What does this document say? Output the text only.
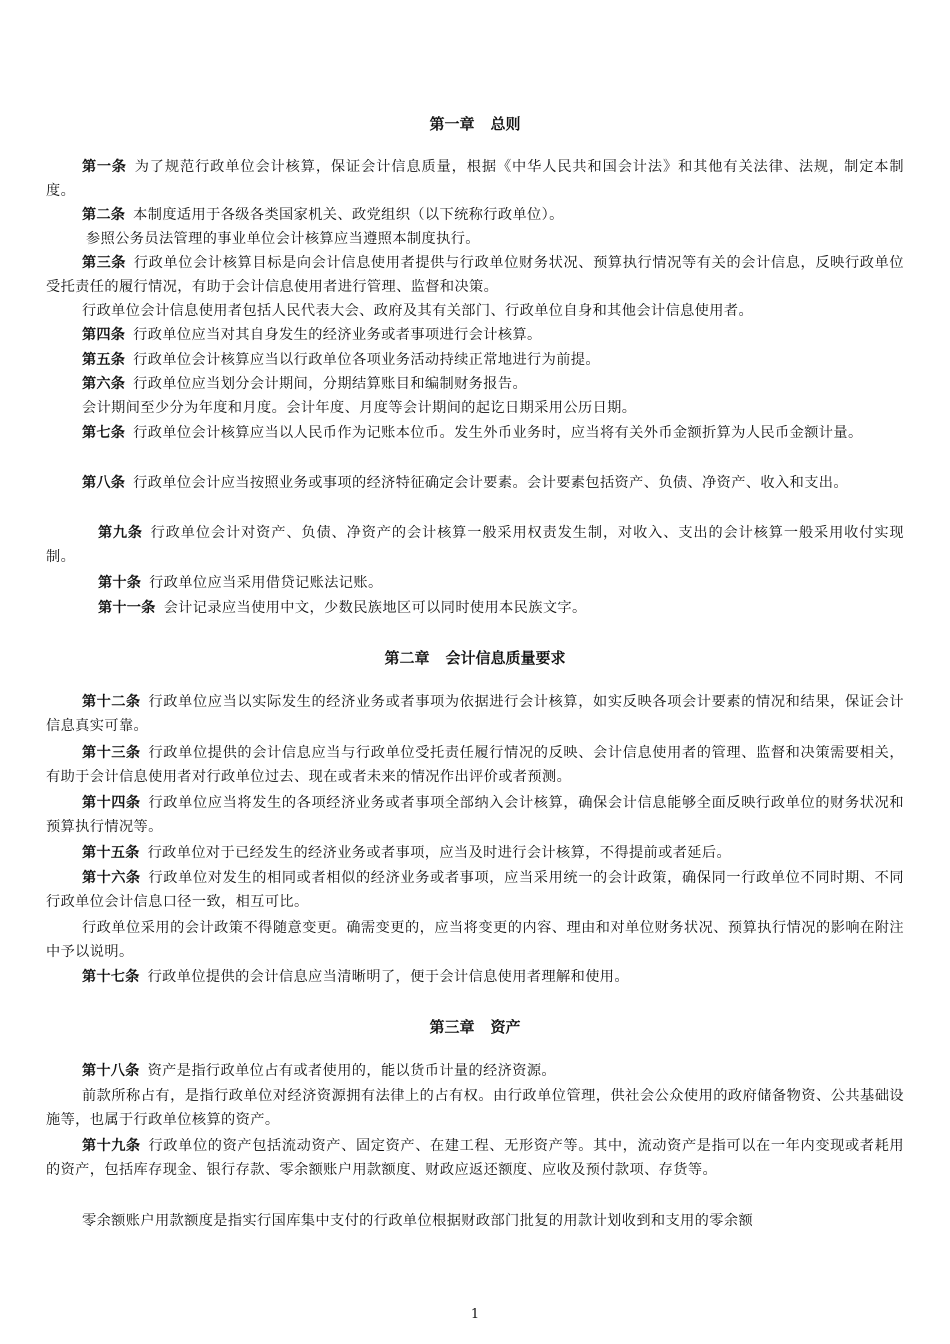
第一章 总则
第一条 为了规范行政单位会计核算，保证会计信息质量，根据《中华人民共和国会计法》和其他有关法律、法规，制定本制度。
第二条 本制度适用于各级各类国家机关、政党组织（以下统称行政单位）。
参照公务员法管理的事业单位会计核算应当遵照本制度执行。
第三条 行政单位会计核算目标是向会计信息使用者提供与行政单位财务状况、预算执行情况等有关的会计信息，反映行政单位受托责任的履行情况，有助于会计信息使用者进行管理、监督和决策。
行政单位会计信息使用者包括人民代表大会、政府及其有关部门、行政单位自身和其他会计信息使用者。
第四条 行政单位应当对其自身发生的经济业务或者事项进行会计核算。
第五条 行政单位会计核算应当以行政单位各项业务活动持续正常地进行为前提。
第六条 行政单位应当划分会计期间，分期结算账目和编制财务报告。
会计期间至少分为年度和月度。会计年度、月度等会计期间的起讫日期采用公历日期。
第七条 行政单位会计核算应当以人民币作为记账本位币。发生外币业务时，应当将有关外币金额折算为人民币金额计量。
第八条 行政单位会计应当按照业务或事项的经济特征确定会计要素。会计要素包括资产、负债、净资产、收入和支出。
第九条 行政单位会计对资产、负债、净资产的会计核算一般采用权责发生制，对收入、支出的会计核算一般采用收付实现制。
第十条 行政单位应当采用借贷记账法记账。
第十一条 会计记录应当使用中文，少数民族地区可以同时使用本民族文字。
第二章 会计信息质量要求
第十二条 行政单位应当以实际发生的经济业务或者事项为依据进行会计核算，如实反映各项会计要素的情况和结果，保证会计信息真实可靠。
第十三条 行政单位提供的会计信息应当与行政单位受托责任履行情况的反映、会计信息使用者的管理、监督和决策需要相关，有助于会计信息使用者对行政单位过去、现在或者未来的情况作出评价或者预测。
第十四条 行政单位应当将发生的各项经济业务或者事项全部纳入会计核算，确保会计信息能够全面反映行政单位的财务状况和预算执行情况等。
第十五条 行政单位对于已经发生的经济业务或者事项，应当及时进行会计核算，不得提前或者延后。
第十六条 行政单位对发生的相同或者相似的经济业务或者事项，应当采用统一的会计政策，确保同一行政单位不同时期、不同行政单位会计信息口径一致，相互可比。
行政单位采用的会计政策不得随意变更。确需变更的，应当将变更的内容、理由和对单位财务状况、预算执行情况的影响在附注中予以说明。
第十七条 行政单位提供的会计信息应当清晰明了，便于会计信息使用者理解和使用。
第三章 资产
第十八条 资产是指行政单位占有或者使用的，能以货币计量的经济资源。
前款所称占有，是指行政单位对经济资源拥有法律上的占有权。由行政单位管理，供社会公众使用的政府储备物资、公共基础设施等，也属于行政单位核算的资产。
第十九条 行政单位的资产包括流动资产、固定资产、在建工程、无形资产等。其中，流动资产是指可以在一年内变现或者耗用的资产，包括库存现金、银行存款、零余额账户用款额度、财政应返还额度、应收及预付款项、存货等。
零余额账户用款额度是指实行国库集中支付的行政单位根据财政部门批复的用款计划收到和支用的零余额
1
